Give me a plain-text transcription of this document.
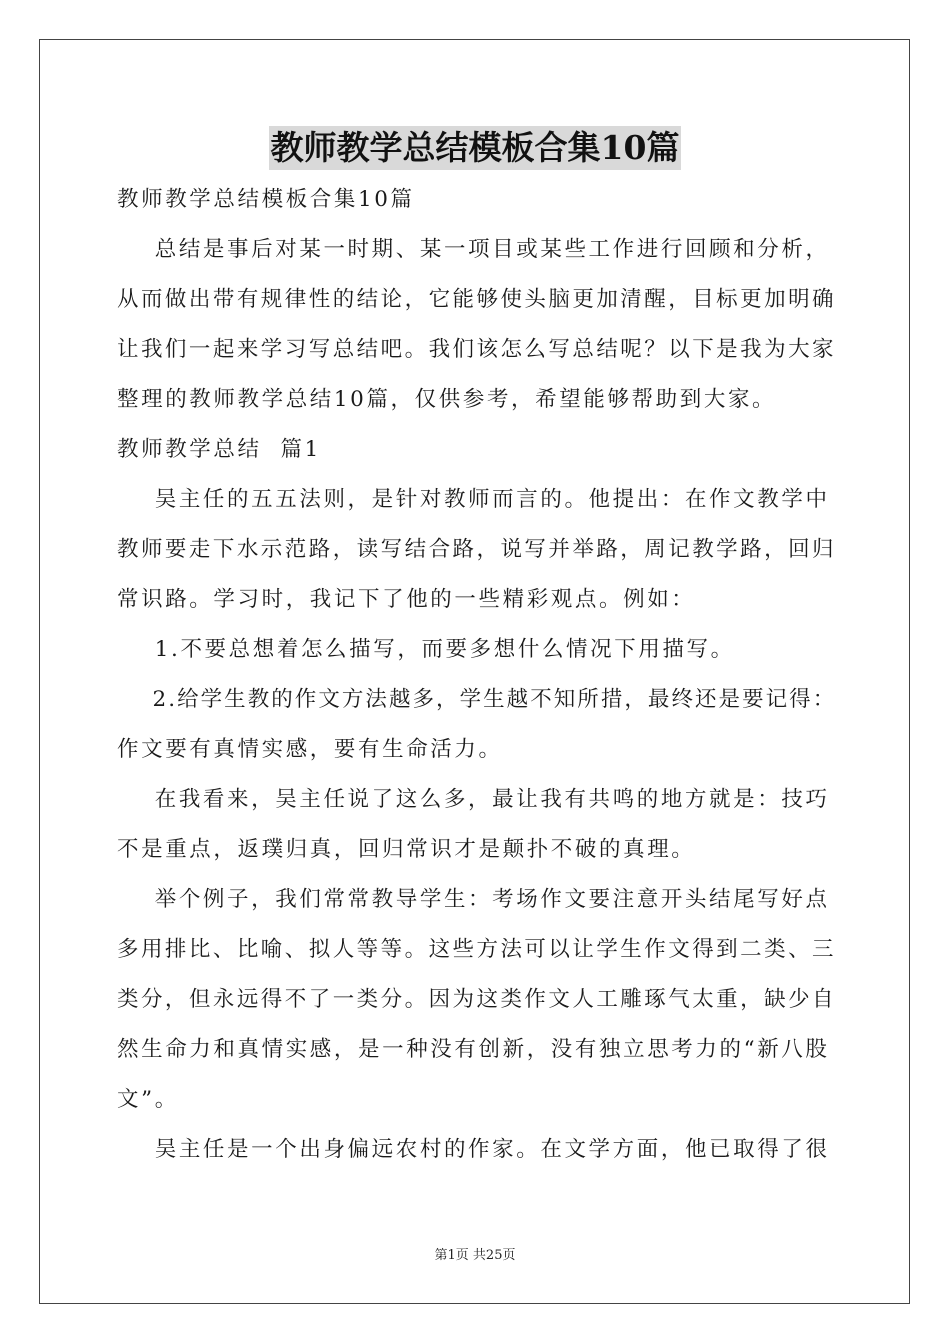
教师教学总结模板合集10篇
教师教学总结模板合集10篇
总结是事后对某一时期、某一项目或某些工作进行回顾和分析，
从而做出带有规律性的结论，它能够使头脑更加清醒，目标更加明确
让我们一起来学习写总结吧。我们该怎么写总结呢？以下是我为大家
整理的教师教学总结10篇，仅供参考，希望能够帮助到大家。
教师教学总结  篇1
吴主任的五五法则，是针对教师而言的。他提出：在作文教学中
教师要走下水示范路，读写结合路，说写并举路，周记教学路，回归
常识路。学习时，我记下了他的一些精彩观点。例如：
1.不要总想着怎么描写，而要多想什么情况下用描写。
2.给学生教的作文方法越多，学生越不知所措，最终还是要记得：
作文要有真情实感，要有生命活力。
在我看来，吴主任说了这么多，最让我有共鸣的地方就是：技巧
不是重点，返璞归真，回归常识才是颠扑不破的真理。
举个例子，我们常常教导学生：考场作文要注意开头结尾写好点
多用排比、比喻、拟人等等。这些方法可以让学生作文得到二类、三
类分，但永远得不了一类分。因为这类作文人工雕琢气太重，缺少自
然生命力和真情实感，是一种没有创新，没有独立思考力的“新八股
文”。
吴主任是一个出身偏远农村的作家。在文学方面，他已取得了很
第1页 共25页
